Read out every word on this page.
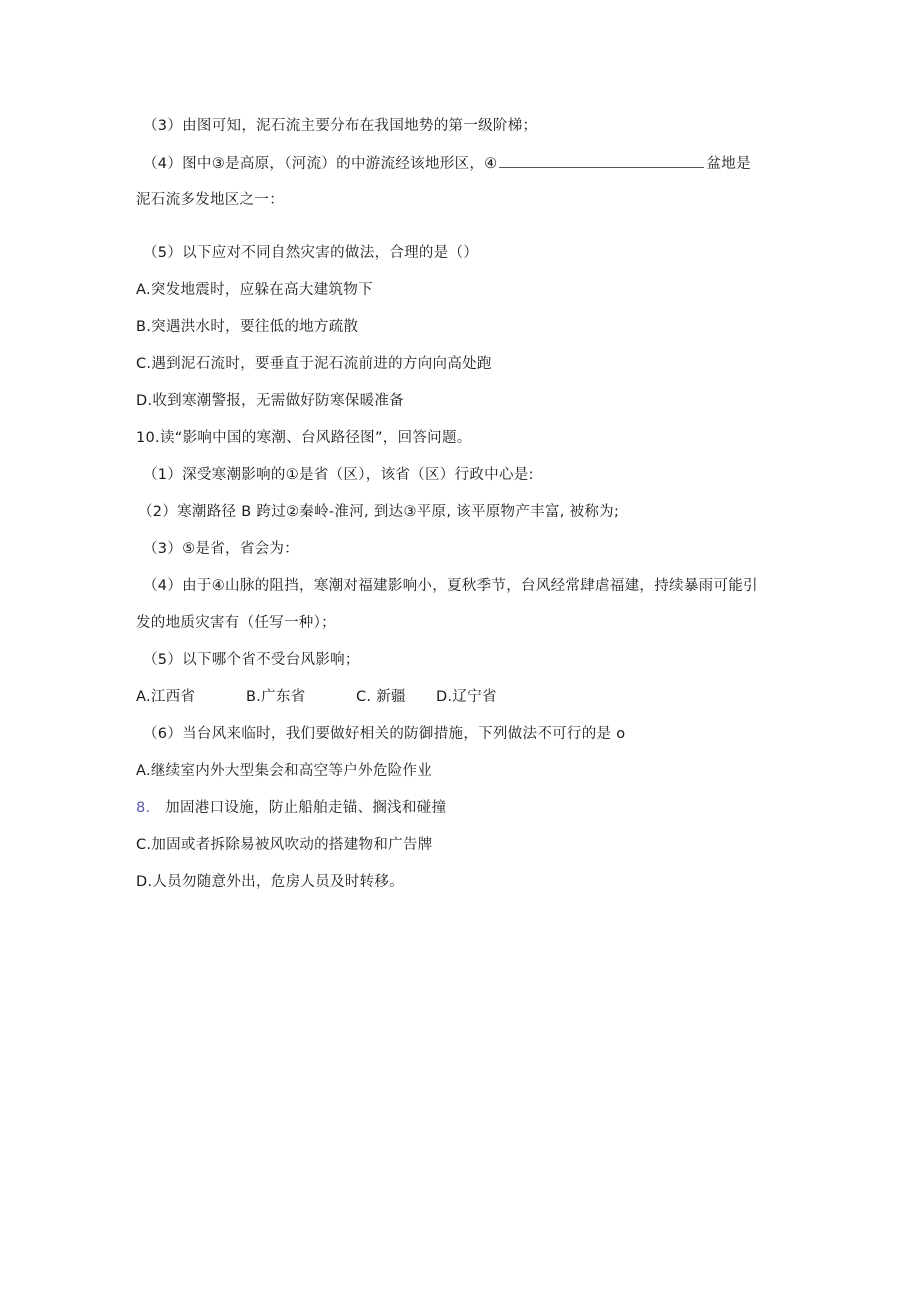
（3）由图可知，泥石流主要分布在我国地势的第一级阶梯；
（4）图中③是高原，（河流）的中游流经该地形区，④	盆地是
泥石流多发地区之一：
（5）以下应对不同自然灾害的做法，合理的是（）
A.突发地震时，应躲在高大建筑物下
B.突遇洪水时，要往低的地方疏散
C.遇到泥石流时，要垂直于泥石流前进的方向向高处跑
D.收到寒潮警报，无需做好防寒保暖准备
10.读“影响中国的寒潮、台风路径图”，回答问题。
（1）深受寒潮影响的①是省（区），该省（区）行政中心是:
（2）寒潮路径 B 跨过②秦岭-淮河, 到达③平原, 该平原物产丰富, 被称为;
（3）⑤是省，省会为：
（4）由于④山脉的阻挡，寒潮对福建影响小，夏秋季节，台风经常肆虐福建，持续暴雨可能引
发的地质灾害有（任写一种）；
（5）以下哪个省不受台风影响；
A.江西省	B.广东省	C. 新疆 D.辽宁省
（6）当台风来临时，我们要做好相关的防御措施，下列做法不可行的是 o
A.继续室内外大型集会和高空等户外危险作业
8. 加固港口设施，防止船舶走锚、搁浅和碰撞
C.加固或者拆除易被风吹动的搭建物和广告牌
D.人员勿随意外出，危房人员及时转移。
